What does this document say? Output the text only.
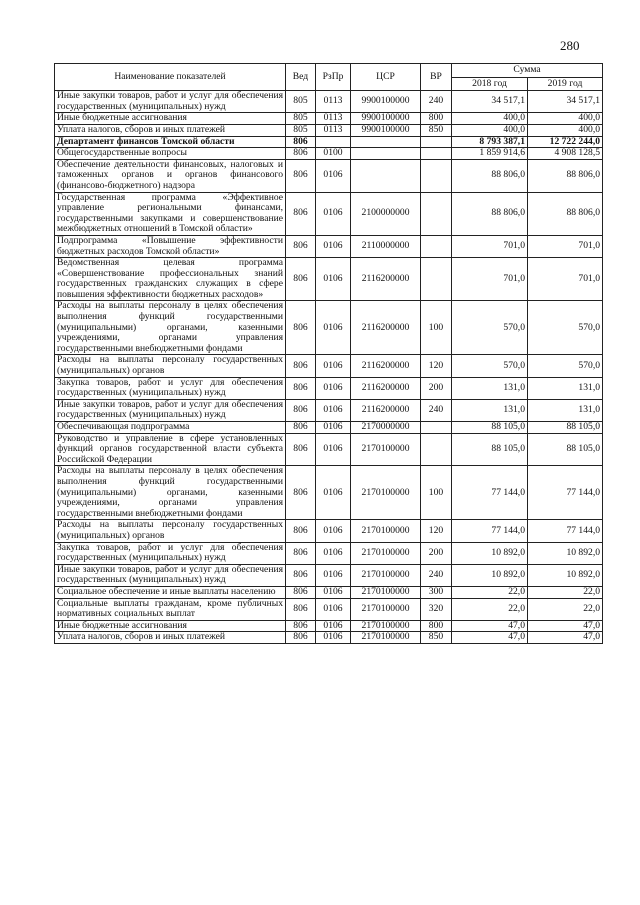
280
Наименование показателей	Вед	РзПр	ЦСР	ВР	Сумма	
					2018 год	2019 год
Иные закупки товаров, работ и услуг для обеспечения государственных (муниципальных) нужд	805	0113	9900100000	240	34 517,1	34 517,1
Иные бюджетные ассигнования	805	0113	9900100000	800	400,0	400,0
Уплата налогов, сборов и иных платежей	805	0113	9900100000	850	400,0	400,0
Департамент финансов Томской области	806				8 793 387,1	12 722 244,0
Общегосударственные вопросы	806	0100			1 859 914,6	4 908 128,5
Обеспечение деятельности финансовых, налоговых и таможенных органов и органов финансового (финансово-бюджетного) надзора	806	0106			88 806,0	88 806,0
Государственная программа «Эффективное управление региональными финансами, государственными закупками и совершенствование межбюджетных отношений в Томской области»	806	0106	2100000000		88 806,0	88 806,0
Подпрограмма «Повышение эффективности бюджетных расходов Томской области»	806	0106	2110000000		701,0	701,0
Ведомственная целевая программа «Совершенствование профессиональных знаний государственных гражданских служащих в сфере повышения эффективности бюджетных расходов»	806	0106	2116200000		701,0	701,0
Расходы на выплаты персоналу в целях обеспечения выполнения функций государственными (муниципальными) органами, казенными учреждениями, органами управления государственными внебюджетными фондами	806	0106	2116200000	100	570,0	570,0
Расходы на выплаты персоналу государственных (муниципальных) органов	806	0106	2116200000	120	570,0	570,0
Закупка товаров, работ и услуг для обеспечения государственных (муниципальных) нужд	806	0106	2116200000	200	131,0	131,0
Иные закупки товаров, работ и услуг для обеспечения государственных (муниципальных) нужд	806	0106	2116200000	240	131,0	131,0
Обеспечивающая подпрограмма	806	0106	2170000000		88 105,0	88 105,0
Руководство и управление в сфере установленных функций органов государственной власти субъекта Российской Федерации	806	0106	2170100000		88 105,0	88 105,0
Расходы на выплаты персоналу в целях обеспечения выполнения функций государственными (муниципальными) органами, казенными учреждениями, органами управления государственными внебюджетными фондами	806	0106	2170100000	100	77 144,0	77 144,0
Расходы на выплаты персоналу государственных (муниципальных) органов	806	0106	2170100000	120	77 144,0	77 144,0
Закупка товаров, работ и услуг для обеспечения государственных (муниципальных) нужд	806	0106	2170100000	200	10 892,0	10 892,0
Иные закупки товаров, работ и услуг для обеспечения государственных (муниципальных) нужд	806	0106	2170100000	240	10 892,0	10 892,0
Социальное обеспечение и иные выплаты населению	806	0106	2170100000	300	22,0	22,0
Социальные выплаты гражданам, кроме публичных нормативных социальных выплат	806	0106	2170100000	320	22,0	22,0
Иные бюджетные ассигнования	806	0106	2170100000	800	47,0	47,0
Уплата налогов, сборов и иных платежей	806	0106	2170100000	850	47,0	47,0
